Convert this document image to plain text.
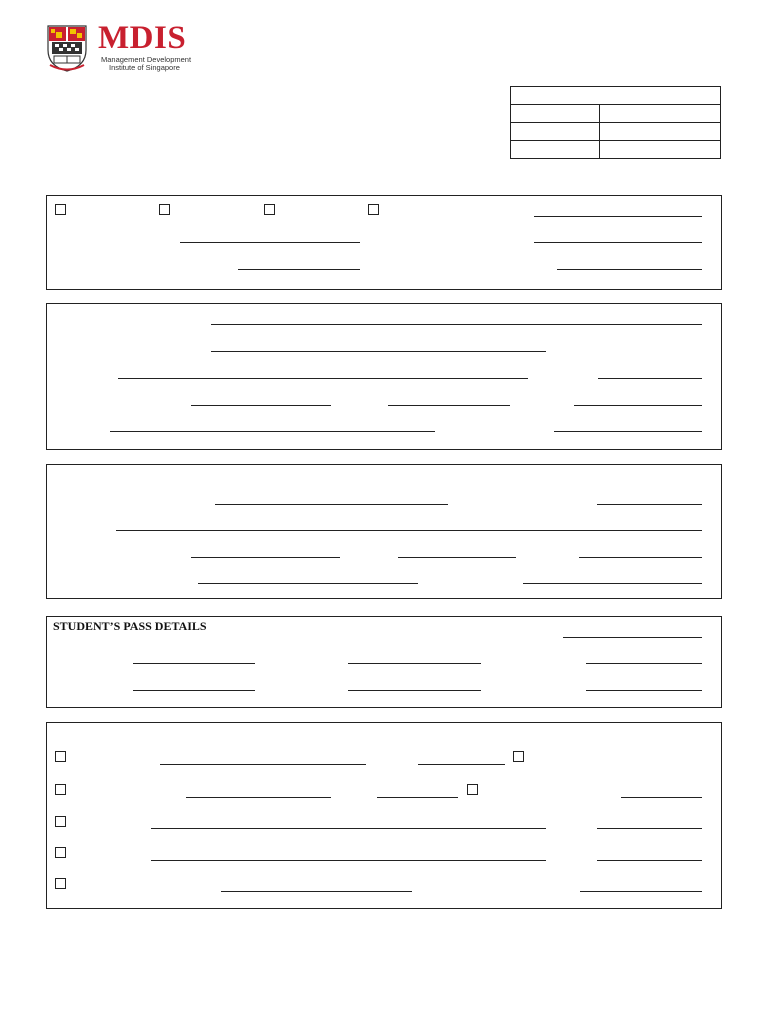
MDIS
Management Development
Institute of Singapore

STUDENT’S PASS DETAILS
